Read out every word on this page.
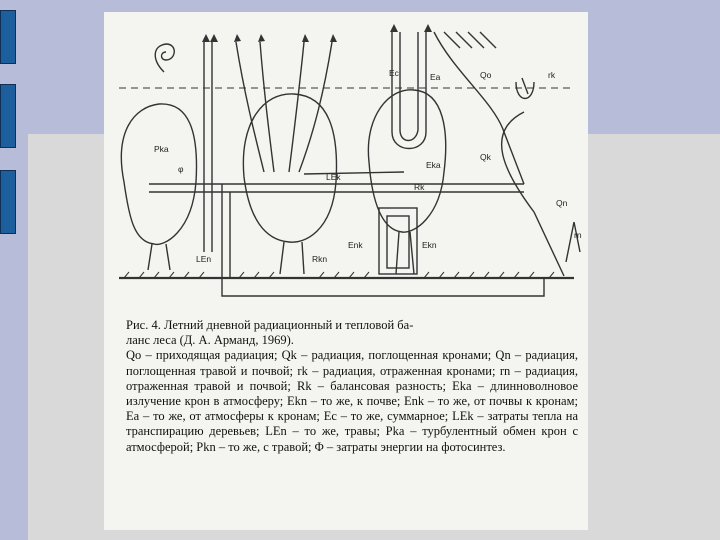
Ec	Ea	Qo	rk
Pka
φ	Eka
Qk
LEk
Rk
Qn
rn
LEn	Rkn
Enk	Ekn

Рис. 4. Летний дневной радиационный и тепловой ба-

ланс леса (Д. А. Арманд, 1969).

Qo – приходящая радиация; Qk – радиация, поглощенная кронами; Qn – радиация, поглощенная травой и почвой; rk – радиация, отраженная кронами; rn – радиация, отраженная травой и почвой; Rk – балансовая разность; Eka – длинноволновое излучение крон в атмосферу; Ekn – то же, к почве; Enk – то же, от почвы к кронам; Ea – то же, от атмосферы к кронам; Ec – то же, суммарное; LEk – затраты тепла на транспирацию деревьев; LEn – то же, травы; Pka – турбулентный обмен крон с атмосферой; Pkn – то же, с травой; Φ – затраты энергии на фотосинтез.
